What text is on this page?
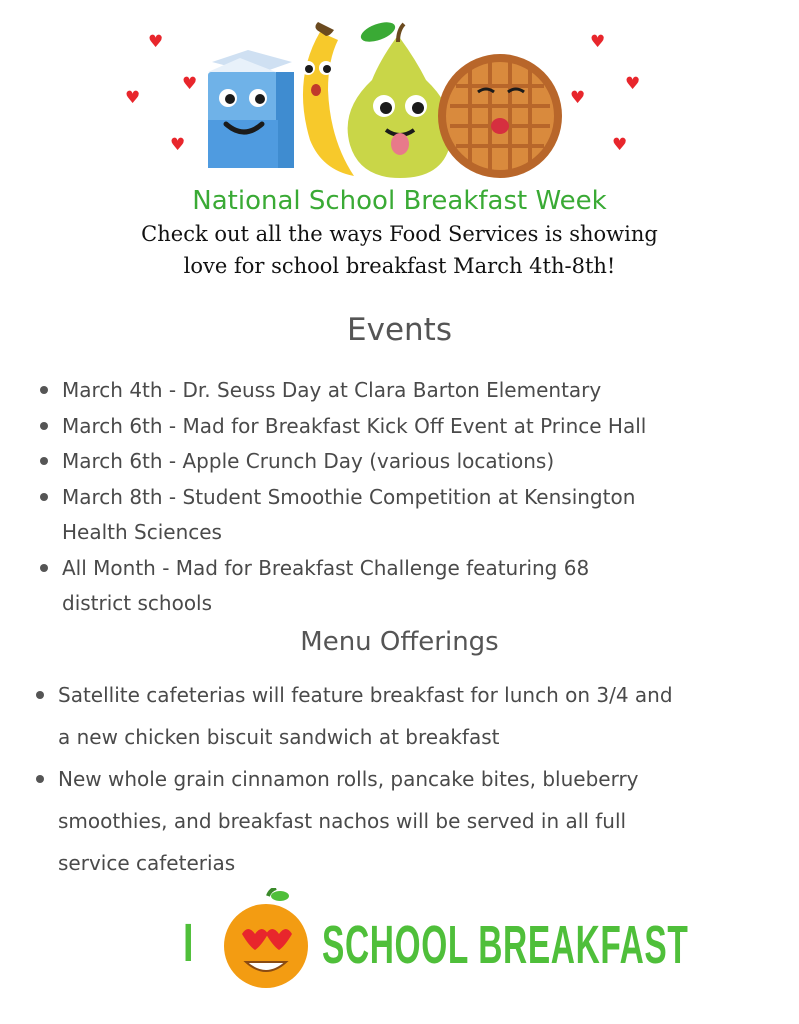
♥
♥
♥
♥
♥
♥
♥
♥
National School Breakfast Week
Check out all the ways Food Services is showing
love for school breakfast March 4th-8th!
Events
March 4th - Dr. Seuss Day at Clara Barton Elementary
March 6th - Mad for Breakfast Kick Off Event at Prince Hall
March 6th - Apple Crunch Day (various locations)
March 8th - Student Smoothie Competition at Kensington
Health Sciences
All Month - Mad for Breakfast Challenge featuring 68
district schools
Menu Offerings
Satellite cafeterias will feature breakfast for lunch on 3/4 and
a new chicken biscuit sandwich at breakfast
New whole grain cinnamon rolls, pancake bites, blueberry
smoothies, and breakfast nachos will be served in all full
service cafeterias
I SCHOOL BREAKFAST
